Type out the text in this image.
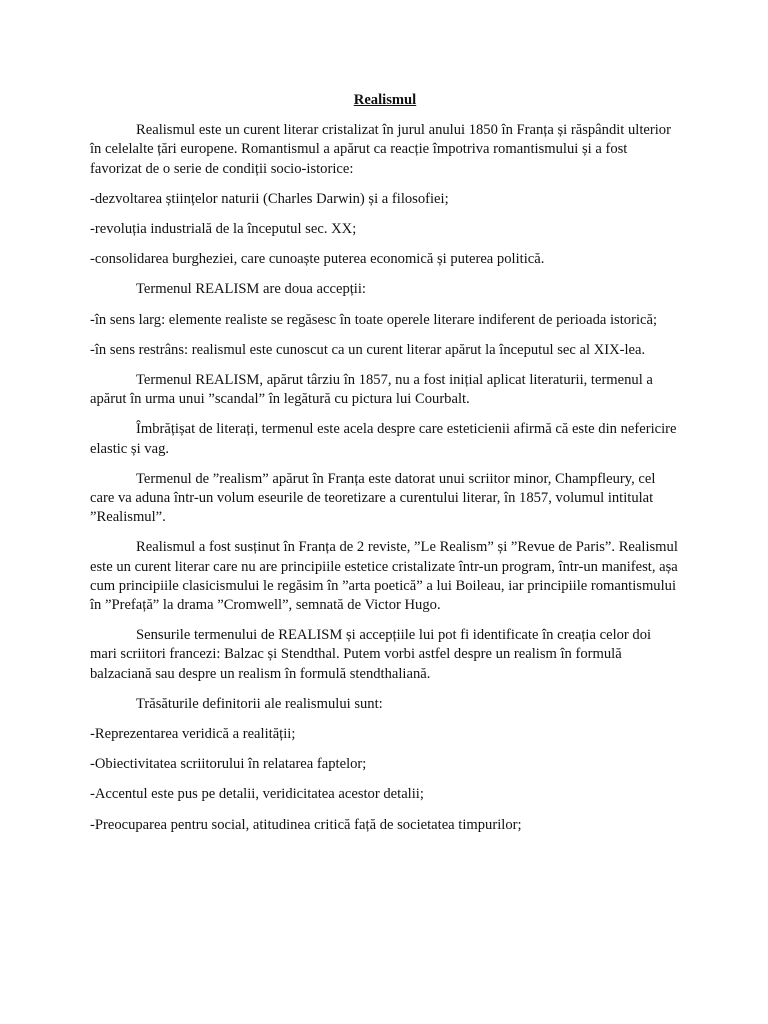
Realismul

Realismul este un curent literar cristalizat în jurul anului 1850 în Franța și răspândit ulterior în celelalte țări europene. Romantismul a apărut ca reacție împotriva romantismului și a fost favorizat de o serie de condiții socio-istorice:

-dezvoltarea științelor naturii (Charles Darwin) și a filosofiei;

-revoluția industrială de la începutul sec. XX;

-consolidarea burgheziei, care cunoaște puterea economică și puterea politică.

Termenul REALISM are doua accepții:

-în sens larg: elemente realiste se regăsesc în toate operele literare indiferent de perioada istorică;

-în sens restrâns: realismul este cunoscut ca un curent literar apărut la începutul sec al XIX-lea.

Termenul REALISM, apărut târziu în 1857, nu a fost inițial aplicat literaturii, termenul a apărut în urma unui ”scandal” în legătură cu pictura lui Courbalt.

Îmbrățișat de literați, termenul este acela despre care esteticienii afirmă că este din nefericire elastic și vag.

Termenul de ”realism” apărut în Franța este datorat unui scriitor minor, Champfleury, cel care va aduna într-un volum eseurile de teoretizare a curentului literar, în 1857, volumul intitulat ”Realismul”.

Realismul a fost susținut în Franța de 2 reviste, ”Le Realism” și ”Revue de Paris”. Realismul este un curent literar care nu are principiile estetice cristalizate într-un program, într-un manifest, așa cum principiile clasicismului le regăsim în ”arta poetică” a lui Boileau, iar principiile romantismului în ”Prefață” la drama ”Cromwell”, semnată de Victor Hugo.

Sensurile termenului de REALISM și accepțiile lui pot fi identificate în creația celor doi mari scriitori francezi: Balzac și Stendthal. Putem vorbi astfel despre un realism în formulă balzaciană sau despre un realism în formulă stendthaliană.

Trăsăturile definitorii ale realismului sunt:

-Reprezentarea veridică a realității;

-Obiectivitatea scriitorului în relatarea faptelor;

-Accentul este pus pe detalii, veridicitatea acestor detalii;

-Preocuparea pentru social, atitudinea critică față de societatea timpurilor;
